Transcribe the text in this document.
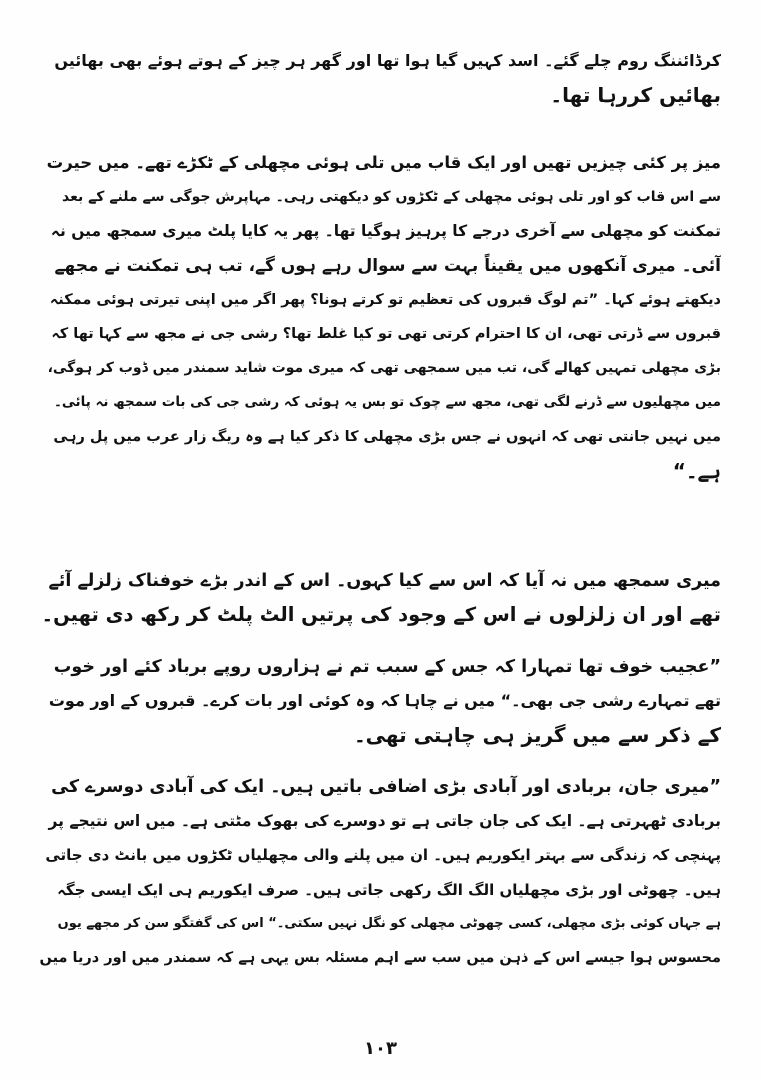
کرڈائننگ روم چلے گئے۔ اسد کہیں گیا ہوا تھا اور گھر ہر چیز کے ہوتے ہوئے بھی بھائیں
بھائیں کررہا تھا۔
میز پر کئی چیزیں تھیں اور ایک قاب میں تلی ہوئی مچھلی کے ٹکڑے تھے۔ میں حیرت
سے اس قاب کو اور تلی ہوئی مچھلی کے ٹکڑوں کو دیکھتی رہی۔ مہاپرش جوگی سے ملنے کے بعد
تمکنت کو مچھلی سے آخری درجے کا پرہیز ہوگیا تھا۔ پھر یہ کایا پلٹ میری سمجھ میں نہ
آئی۔ میری آنکھوں میں یقیناً بہت سے سوال رہے ہوں گے، تب ہی تمکنت نے مجھے
دیکھتے ہوئے کہا۔ ”تم لوگ قبروں کی تعظیم تو کرتے ہونا؟ پھر اگر میں اپنی تیرتی ہوئی ممکنہ
قبروں سے ڈرتی تھی، ان کا احترام کرتی تھی تو کیا غلط تھا؟ رشی جی نے مجھ سے کہا تھا کہ
بڑی مچھلی تمہیں کھالے گی، تب میں سمجھی تھی کہ میری موت شاید سمندر میں ڈوب کر ہوگی،
میں مچھلیوں سے ڈرنے لگی تھی، مجھ سے چوک تو بس یہ ہوئی کہ رشی جی کی بات سمجھ نہ پائی۔
میں نہیں جانتی تھی کہ انہوں نے جس بڑی مچھلی کا ذکر کیا ہے وہ ریگ زار عرب میں پل رہی
ہے۔“
میری سمجھ میں نہ آیا کہ اس سے کیا کہوں۔ اس کے اندر بڑے خوفناک زلزلے آئے
تھے اور ان زلزلوں نے اس کے وجود کی پرتیں الٹ پلٹ کر رکھ دی تھیں۔
”عجیب خوف تھا تمہارا کہ جس کے سبب تم نے ہزاروں روپے برباد کئے اور خوب
تھے تمہارے رشی جی بھی۔“ میں نے چاہا کہ وہ کوئی اور بات کرے۔ قبروں کے اور موت
کے ذکر سے میں گریز ہی چاہتی تھی۔
”میری جان، بربادی اور آبادی بڑی اضافی باتیں ہیں۔ ایک کی آبادی دوسرے کی
بربادی ٹھہرتی ہے۔ ایک کی جان جاتی ہے تو دوسرے کی بھوک مٹتی ہے۔ میں اس نتیجے پر
پہنچی کہ زندگی سے بہتر ایکوریم ہیں۔ ان میں پلنے والی مچھلیاں ٹکڑوں میں بانٹ دی جاتی
ہیں۔ چھوٹی اور بڑی مچھلیاں الگ الگ رکھی جاتی ہیں۔ صرف ایکوریم ہی ایک ایسی جگہ
ہے جہاں کوئی بڑی مچھلی، کسی چھوٹی مچھلی کو نگل نہیں سکتی۔“ اس کی گفتگو سن کر مجھے یوں
محسوس ہوا جیسے اس کے ذہن میں سب سے اہم مسئلہ بس یہی ہے کہ سمندر میں اور دریا میں
۱۰۳
